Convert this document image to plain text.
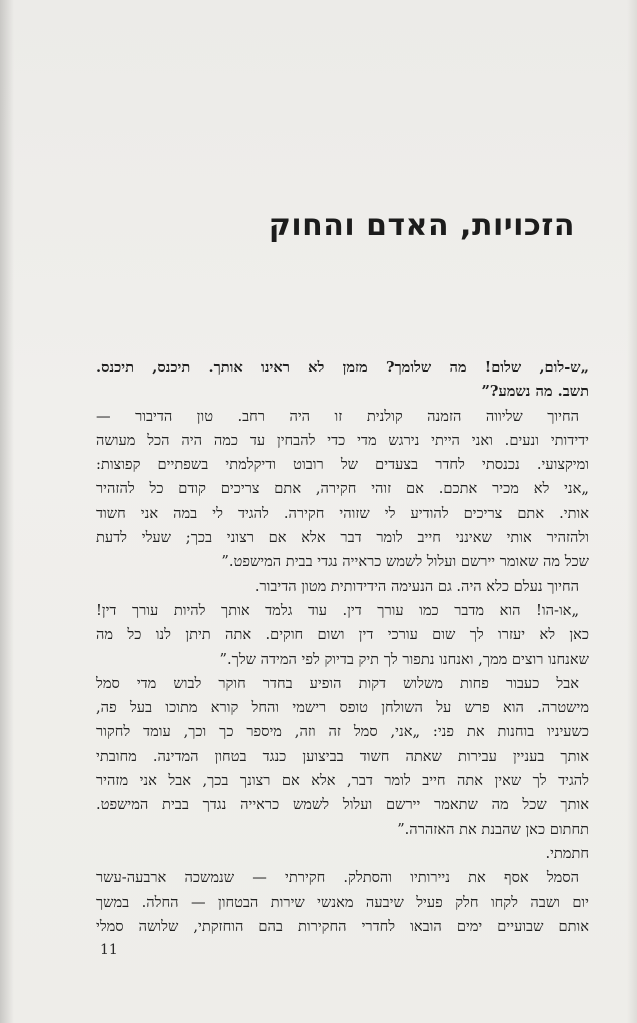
הזכויות, האדם והחוק
„ש-לום, שלום! מה שלומך? מזמן לא ראינו אותך. תיכנס, תיכנס.
תשב. מה נשמע?”
החיוך שליווה הזמנה קולנית זו היה רחב. טון הדיבור —
ידידותי ונעים. ואני הייתי נירגש מדי כדי להבחין עד כמה היה הכל מעושה
ומיקצועי. נכנסתי לחדר בצעדים של רובוט ודיקלמתי בשפתיים קפוצות:
„אני לא מכיר אתכם. אם זוהי חקירה, אתם צריכים קודם כל להזהיר
אותי. אתם צריכים להודיע לי שזוהי חקירה. להגיד לי במה אני חשוד
ולהזהיר אותי שאינני חייב לומר דבר אלא אם רצוני בכך; שעלי לדעת
שכל מה שאומר יירשם ועלול לשמש כראייה נגדי בבית המישפט.”
החיוך נעלם כלא היה. גם הנעימה הידידותית מטון הדיבור.
„או-הו! הוא מדבר כמו עורך דין. עוד גלמד אותך להיות עורך דין!
כאן לא יעזרו לך שום עורכי דין ושום חוקים. אתה תיתן לנו כל מה
שאנחנו רוצים ממך, ואנחנו נתפור לך תיק בדיוק לפי המידה שלך.”
אבל כעבור פחות משלוש דקות הופיע בחדר חוקר לבוש מדי סמל
מישטרה. הוא פרש על השולחן טופס רישמי והחל קורא מתוכו בעל פה,
כשעיניו בוחנות את פני: „אני, סמל זה וזה, מיספר כך וכך, עומד לחקור
אותך בעניין עבירות שאתה חשוד בביצוען כנגד בטחון המדינה. מחובתי
להגיד לך שאין אתה חייב לומר דבר, אלא אם רצונך בכך, אבל אני מזהיר
אותך שכל מה שתאמר יירשם ועלול לשמש כראייה נגדך בבית המישפט.
תחתום כאן שהבנת את האזהרה.”
חתמתי.
הסמל אסף את ניירותיו והסתלק. חקירתי — שנמשכה ארבעה-עשר
יום ושבה לקחו חלק פעיל שיבעה מאנשי שירות הבטחון — החלה. במשך
אותם שבועיים ימים הובאו לחדרי החקירות בהם הוחזקתי, שלושה סמלי
11
